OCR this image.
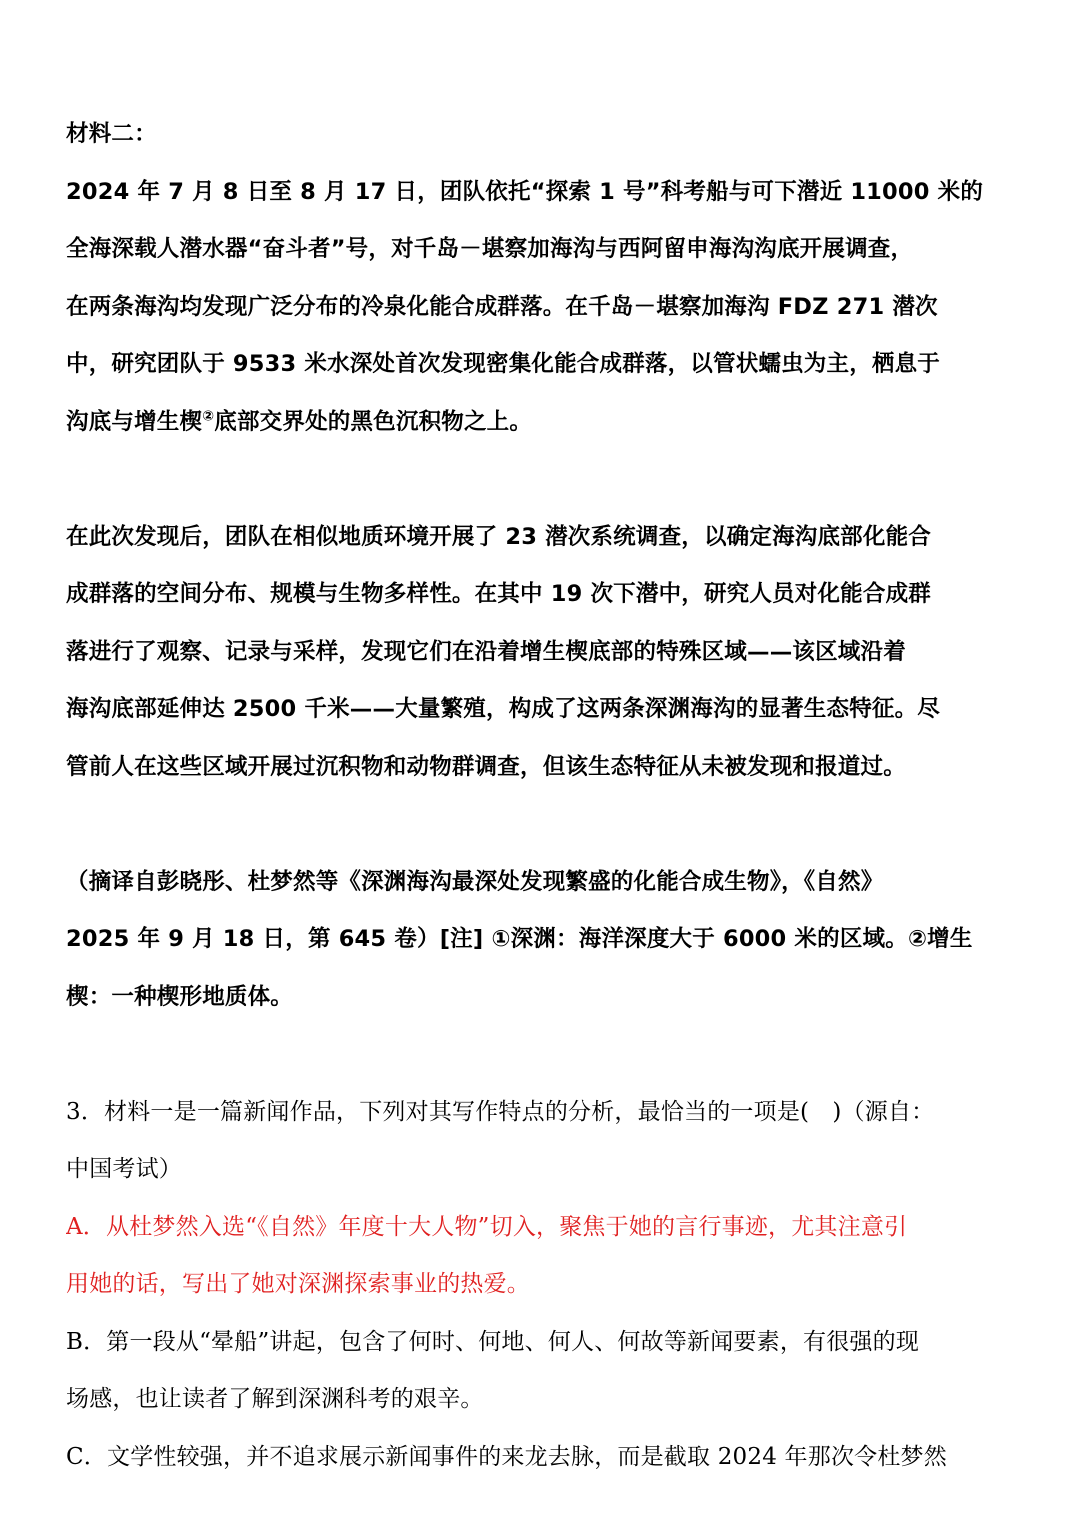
材料二：
2024 年 7 月 8 日至 8 月 17 日，团队依托“探索 1 号”科考船与可下潜近 11000 米的
全海深载人潜水器“奋斗者”号，对千岛－堪察加海沟与西阿留申海沟沟底开展调查，
在两条海沟均发现广泛分布的冷泉化能合成群落。在千岛－堪察加海沟 FDZ 271 潜次
中，研究团队于 9533 米水深处首次发现密集化能合成群落，以管状蠕虫为主，栖息于
沟底与增生楔②底部交界处的黑色沉积物之上。
在此次发现后，团队在相似地质环境开展了 23 潜次系统调查，以确定海沟底部化能合
成群落的空间分布、规模与生物多样性。在其中 19 次下潜中，研究人员对化能合成群
落进行了观察、记录与采样，发现它们在沿着增生楔底部的特殊区域——该区域沿着
海沟底部延伸达 2500 千米——大量繁殖，构成了这两条深渊海沟的显著生态特征。尽
管前人在这些区域开展过沉积物和动物群调查，但该生态特征从未被发现和报道过。
（摘译自彭晓彤、杜梦然等《深渊海沟最深处发现繁盛的化能合成生物》，《自然》
2025 年 9 月 18 日，第 645 卷）[注] ①深渊：海洋深度大于 6000 米的区域。②增生
楔：一种楔形地质体。
3．材料一是一篇新闻作品，下列对其写作特点的分析，最恰当的一项是(　)（源自：
中国考试）
A．从杜梦然入选“《自然》年度十大人物”切入，聚焦于她的言行事迹，尤其注意引
用她的话，写出了她对深渊探索事业的热爱。
B．第一段从“晕船”讲起，包含了何时、何地、何人、何故等新闻要素，有很强的现
场感，也让读者了解到深渊科考的艰辛。
C．文学性较强，并不追求展示新闻事件的来龙去脉，而是截取 2024 年那次令杜梦然
